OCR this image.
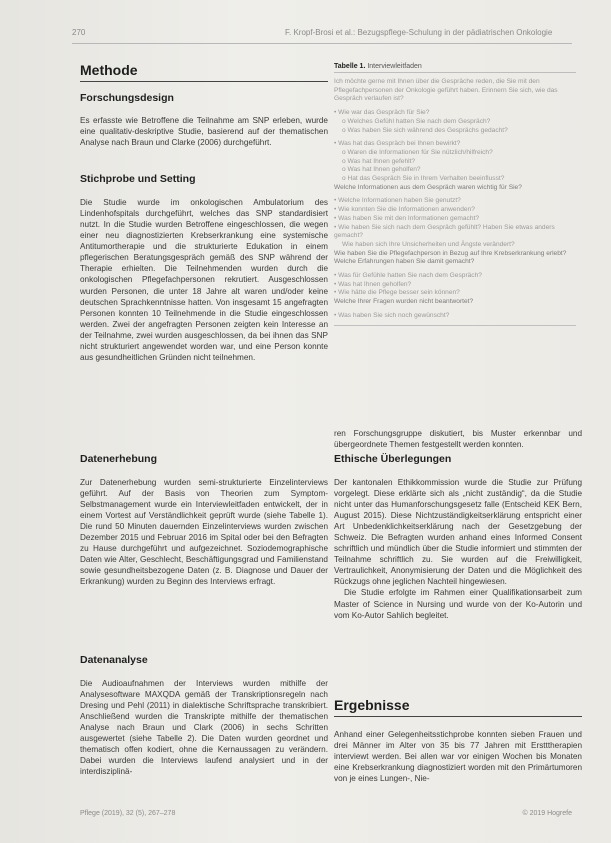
270	F. Kropf-Brosi et al.: Bezugspflege-Schulung in der pädiatrischen Onkologie
Methode
Forschungsdesign

Es erfasste wie Betroffene die Teilnahme am SNP erleben, wurde eine qualitativ-deskriptive Studie, basierend auf der thematischen Analyse nach Braun und Clarke (2006) durchgeführt.

Stichprobe und Setting

Die Studie wurde im onkologischen Ambulatorium des Lindenhofspitals durchgeführt, welches das SNP standardisiert nutzt. In die Studie wurden Betroffene eingeschlossen, die wegen einer neu diagnostizierten Krebserkrankung eine systemische Antitumortherapie und die strukturierte Edukation in einem pflegerischen Beratungsgespräch gemäß des SNP während der Therapie erhielten. Die Teilnehmenden wurden durch die onkologischen Pflegefachpersonen rekrutiert. Ausgeschlossen wurden Personen, die unter 18 Jahre alt waren und/oder keine deutschen Sprachkenntnisse hatten. Von insgesamt 15 angefragten Personen konnten 10 Teilnehmende in die Studie eingeschlossen werden. Zwei der angefragten Personen zeigten kein Interesse an der Teilnahme, zwei wurden ausgeschlossen, da bei ihnen das SNP nicht strukturiert angewendet worden war, und eine Person konnte aus gesundheitlichen Gründen nicht teilnehmen.

Datenerhebung

Zur Datenerhebung wurden semi-strukturierte Einzelinterviews geführt. Auf der Basis von Theorien zum Symptom-Selbstmanagement wurde ein Interviewleitfaden entwickelt, der in einem Vortest auf Verständlichkeit geprüft wurde (siehe Tabelle 1). Die rund 50 Minuten dauernden Einzelinterviews wurden zwischen Dezember 2015 und Februar 2016 im Spital oder bei den Befragten zu Hause durchgeführt und aufgezeichnet. Soziodemographische Daten wie Alter, Geschlecht, Beschäftigungsgrad und Familienstand sowie gesundheitsbezogene Daten (z. B. Diagnose und Dauer der Erkrankung) wurden zu Beginn des Interviews erfragt.

Datenanalyse

Die Audioaufnahmen der Interviews wurden mithilfe der Analysesoftware MAXQDA gemäß der Transkriptionsregeln nach Dresing und Pehl (2011) in dialektische Schriftsprache transkribiert. Anschließend wurden die Transkripte mithilfe der thematischen Analyse nach Braun und Clark (2006) in sechs Schritten ausgewertet (siehe Tabelle 2). Die Daten wurden geordnet und thematisch offen kodiert, ohne die Kernaussagen zu verändern. Dabei wurden die Interviews laufend analysiert und in der interdisziplinä-

Tabelle 1. Interviewleitfaden
Ich möchte gerne mit Ihnen über die Gespräche reden, die Sie mit den Pflegefachpersonen der Onkologie geführt haben. Erinnern Sie sich, wie das Gespräch verlaufen ist?
• Wie war das Gespräch für Sie?
o Welches Gefühl hatten Sie nach dem Gespräch?
o Was haben Sie sich während des Gesprächs gedacht?
• Was hat das Gespräch bei Ihnen bewirkt?
o Waren die Informationen für Sie nützlich/hilfreich?
o Was hat Ihnen gefehlt?
o Was hat Ihnen geholfen?
o Hat das Gespräch Sie in Ihrem Verhalten beeinflusst?
Welche Informationen aus dem Gespräch waren wichtig für Sie?
• Welche Informationen haben Sie genutzt?
• Wie konnten Sie die Informationen anwenden?
• Was haben Sie mit den Informationen gemacht?
• Wie haben Sie sich nach dem Gespräch gefühlt? Haben Sie etwas anders gemacht?
Wie haben sich Ihre Unsicherheiten und Ängste verändert?
Wie haben Sie die Pflegefachperson in Bezug auf Ihre Krebserkrankung erlebt?
Welche Erfahrungen haben Sie damit gemacht?
• Was für Gefühle hatten Sie nach dem Gespräch?
• Was hat Ihnen geholfen?
• Wie hätte die Pflege besser sein können?
Welche Ihrer Fragen wurden nicht beantwortet?
• Was haben Sie sich noch gewünscht?

ren Forschungsgruppe diskutiert, bis Muster erkennbar und übergeordnete Themen festgestellt werden konnten.

Ethische Überlegungen

Der kantonalen Ethikkommission wurde die Studie zur Prüfung vorgelegt. Diese erklärte sich als „nicht zuständig“, da die Studie nicht unter das Humanforschungsgesetz falle (Entscheid KEK Bern, August 2015). Diese Nichtzuständigkeitserklärung entspricht einer Art Unbedenklichkeitserklärung nach der Gesetzgebung der Schweiz. Die Befragten wurden anhand eines Informed Consent schriftlich und mündlich über die Studie informiert und stimmten der Teilnahme schriftlich zu. Sie wurden auf die Freiwilligkeit, Vertraulichkeit, Anonymisierung der Daten und die Möglichkeit des Rückzugs ohne jeglichen Nachteil hingewiesen.

Die Studie erfolgte im Rahmen einer Qualifikationsarbeit zum Master of Science in Nursing und wurde von der Ko-Autorin und vom Ko-Autor Sahlich begleitet.

Ergebnisse

Anhand einer Gelegenheitsstichprobe konnten sieben Frauen und drei Männer im Alter von 35 bis 77 Jahren mit Erstttherapien interviewt werden. Bei allen war vor einigen Wochen bis Monaten eine Krebserkrankung diagnostiziert worden mit den Primärtumoren von je eines Lungen-, Nie-

Pflege (2019), 32 (5), 267–278	© 2019 Hogrefe
